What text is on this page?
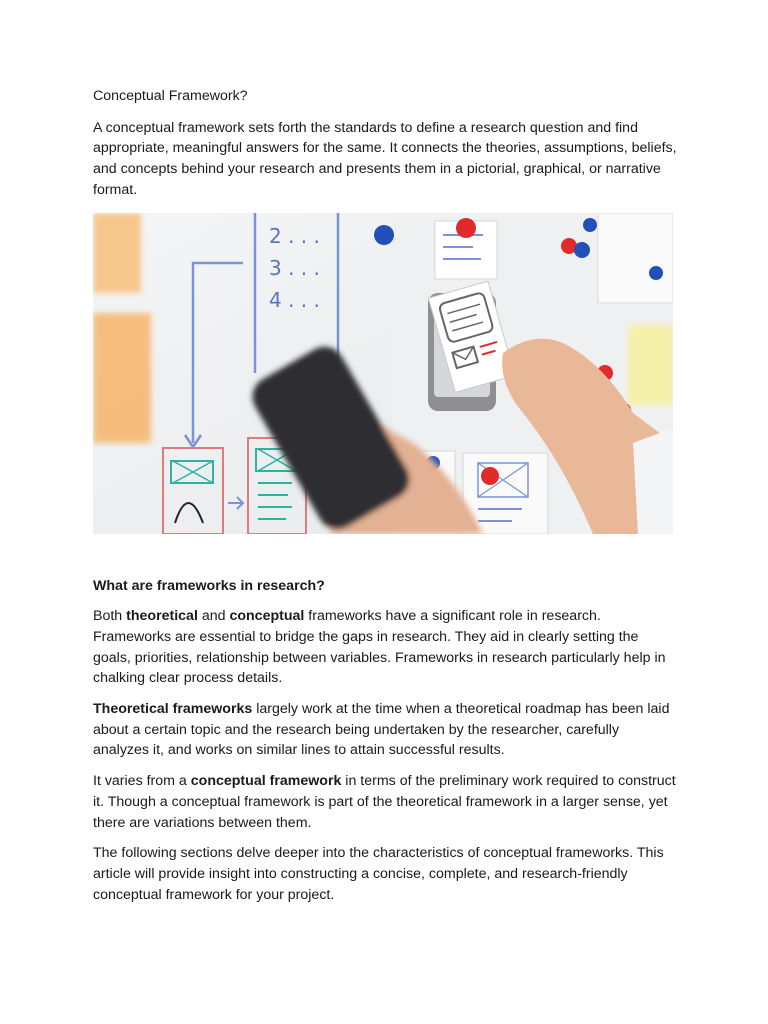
Conceptual Framework?

A conceptual framework sets forth the standards to define a research question and find appropriate, meaningful answers for the same. It connects the theories, assumptions, beliefs, and concepts behind your research and presents them in a pictorial, graphical, or narrative format.

2 . . .
3 . . .
4 . . .

What are frameworks in research?

Both theoretical and conceptual frameworks have a significant role in research. Frameworks are essential to bridge the gaps in research. They aid in clearly setting the goals, priorities, relationship between variables. Frameworks in research particularly help in chalking clear process details.

Theoretical frameworks largely work at the time when a theoretical roadmap has been laid about a certain topic and the research being undertaken by the researcher, carefully analyzes it, and works on similar lines to attain successful results.

It varies from a conceptual framework in terms of the preliminary work required to construct it. Though a conceptual framework is part of the theoretical framework in a larger sense, yet there are variations between them.

The following sections delve deeper into the characteristics of conceptual frameworks. This article will provide insight into constructing a concise, complete, and research-friendly conceptual framework for your project.
